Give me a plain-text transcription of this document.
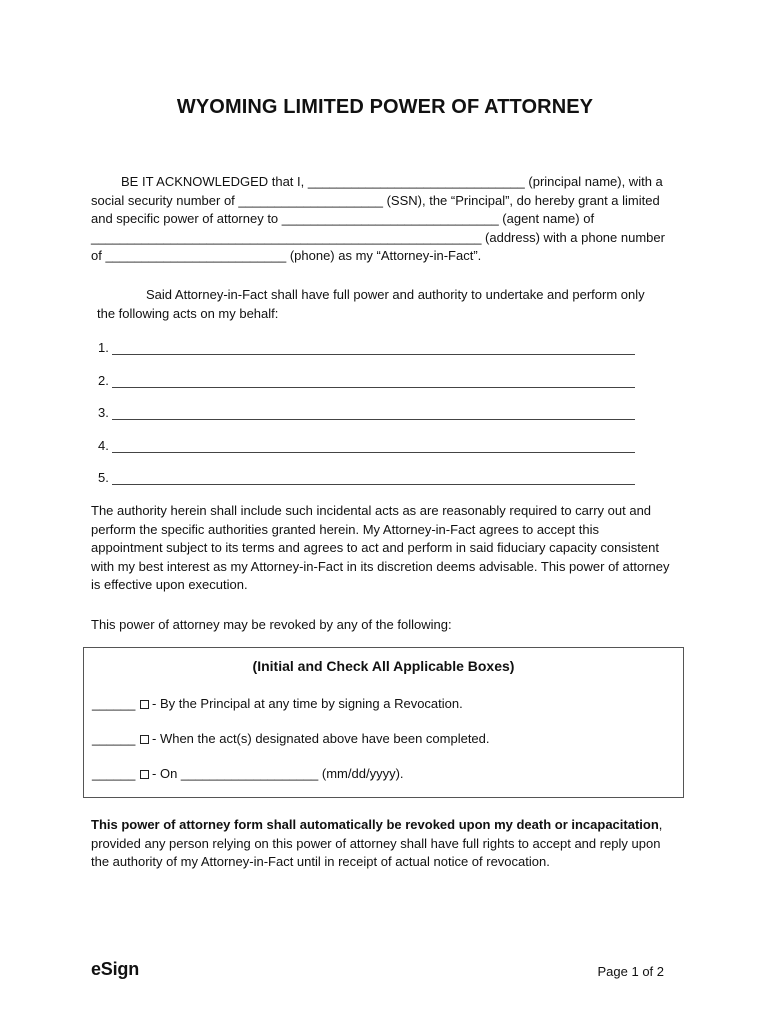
WYOMING LIMITED POWER OF ATTORNEY
BE IT ACKNOWLEDGED that I, ______________________________ (principal name), with a social security number of ____________________ (SSN), the “Principal”, do hereby grant a limited and specific power of attorney to ______________________________ (agent name) of ______________________________________________________ (address) with a phone number of _________________________ (phone) as my “Attorney-in-Fact”.
Said Attorney-in-Fact shall have full power and authority to undertake and perform only the following acts on my behalf:
1.
2.
3.
4.
5.
The authority herein shall include such incidental acts as are reasonably required to carry out and perform the specific authorities granted herein. My Attorney-in-Fact agrees to accept this appointment subject to its terms and agrees to act and perform in said fiduciary capacity consistent with my best interest as my Attorney-in-Fact in its discretion deems advisable. This power of attorney is effective upon execution.
This power of attorney may be revoked by any of the following:
(Initial and Check All Applicable Boxes)
______ - By the Principal at any time by signing a Revocation.
______ - When the act(s) designated above have been completed.
______ - On ___________________ (mm/dd/yyyy).
This power of attorney form shall automatically be revoked upon my death or incapacitation, provided any person relying on this power of attorney shall have full rights to accept and reply upon the authority of my Attorney-in-Fact until in receipt of actual notice of revocation.
eSign	Page 1 of 2
